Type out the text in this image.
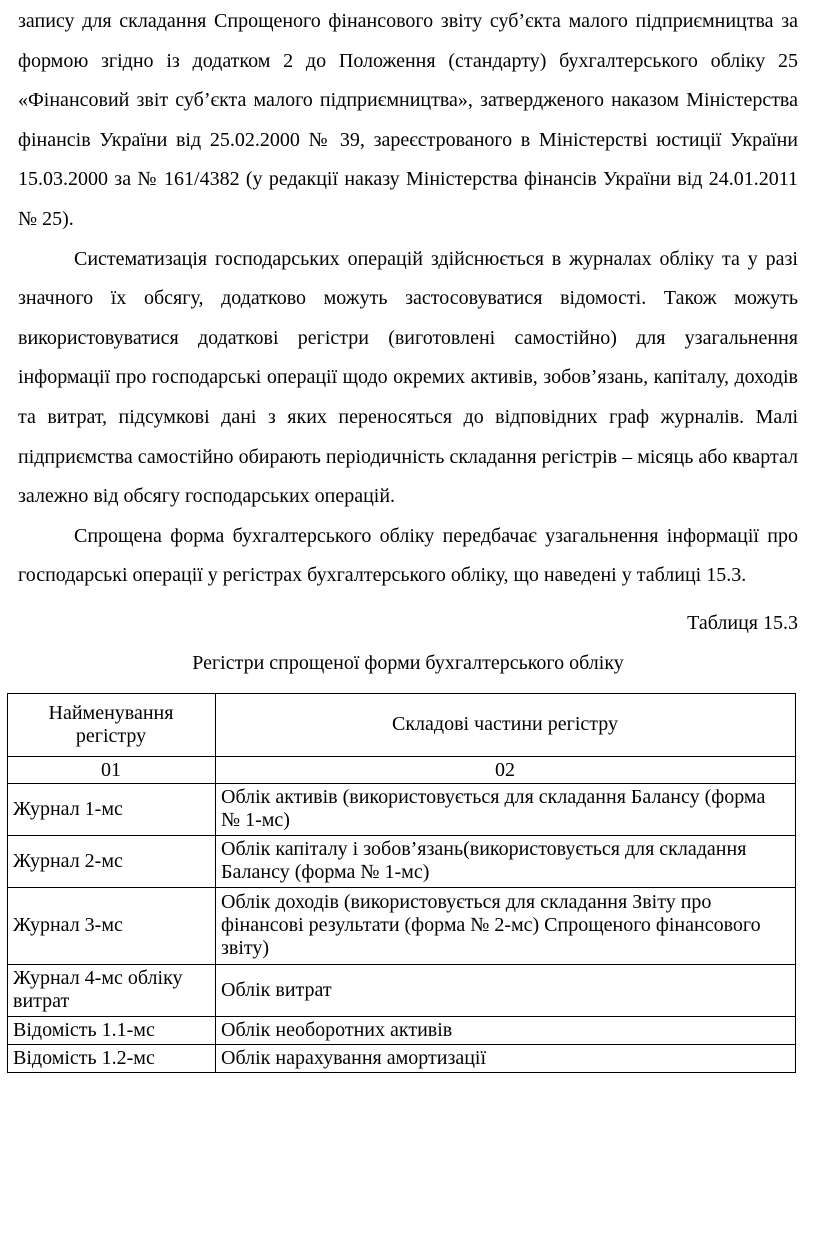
запису для складання Спрощеного фінансового звіту суб’єкта малого підприємництва за формою згідно із додатком 2 до Положення (стандарту) бухгалтерського обліку 25 «Фінансовий звіт суб’єкта малого підприємництва», затвердженого наказом Міністерства фінансів України від 25.02.2000 № 39, зареєстрованого в Міністерстві юстиції України 15.03.2000 за № 161/4382 (у редакції наказу Міністерства фінансів України від 24.01.2011 № 25).

Систематизація господарських операцій здійснюється в журналах обліку та у разі значного їх обсягу, додатково можуть застосовуватися відомості. Також можуть використовуватися додаткові регістри (виготовлені самостійно) для узагальнення інформації про господарські операції щодо окремих активів, зобов’язань, капіталу, доходів та витрат, підсумкові дані з яких переносяться до відповідних граф журналів. Малі підприємства самостійно обирають періодичність складання регістрів – місяць або квартал залежно від обсягу господарських операцій.

Спрощена форма бухгалтерського обліку передбачає узагальнення інформації про господарські операції у регістрах бухгалтерського обліку, що наведені у таблиці 15.3.

Таблиця 15.3
Регістри спрощеної форми бухгалтерського обліку
Найменування регістру	Складові частини регістру
01	02
Журнал 1-мс	Облік активів (використовується для складання Балансу (форма № 1-мс)
Журнал 2-мс	Облік капіталу і зобов’язань(використовується для складання Балансу (форма № 1-мс)
Журнал 3-мс	Облік доходів (використовується для складання Звіту про фінансові результати (форма № 2-мс) Спрощеного фінансового звіту)
Журнал 4-мс обліку витрат	Облік витрат
Відомість 1.1-мс	Облік необоротних активів
Відомість 1.2-мс	Облік нарахування амортизації
